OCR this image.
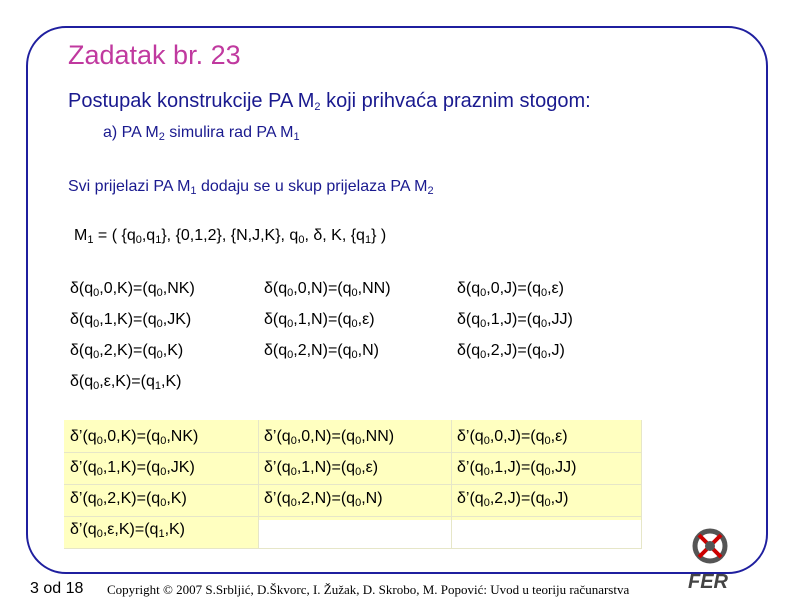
Zadatak br. 23
Postupak konstrukcije PA $M_2$ koji prihvaća praznim stogom:
a) PA $M_2$ simulira rad PA $M_1$
Svi prijelazi PA $M_1$ dodaju se u skup prijelaza PA $M_2$
$M_1$ = ( $\{q_0,q_1\}$, {0,1,2}, {N,J,K}, $q_0$, δ, K, $\{q_1\}$ )
$\delta(q_0,0,K)=(q_0,NK)$
$\delta(q_0,1,K)=(q_0,JK)$
$\delta(q_0,2,K)=(q_0,K)$
$\delta(q_0,\varepsilon,K)=(q_1,K)$
$\delta(q_0,0,N)=(q_0,NN)$
$\delta(q_0,1,N)=(q_0,\varepsilon)$
$\delta(q_0,2,N)=(q_0,N)$
$\delta(q_0,0,J)=(q_0,\varepsilon)$
$\delta(q_0,1,J)=(q_0,JJ)$
$\delta(q_0,2,J)=(q_0,J)$
$\delta’(q_0,0,K)=(q_0,NK)$
$\delta’(q_0,1,K)=(q_0,JK)$
$\delta’(q_0,2,K)=(q_0,K)$
$\delta’(q_0,\varepsilon,K)=(q_1,K)$
$\delta’(q_0,0,N)=(q_0,NN)$
$\delta’(q_0,1,N)=(q_0,\varepsilon)$
$\delta’(q_0,2,N)=(q_0,N)$
$\delta’(q_0,0,J)=(q_0,\varepsilon)$
$\delta’(q_0,1,J)=(q_0,JJ)$
$\delta’(q_0,2,J)=(q_0,J)$
3 od 18 Copyright © 2007 S.Srbljić, D.Škvorc, I. Žužak, D. Skrobo, M. Popović: Uvod u teoriju računarstva	FER
